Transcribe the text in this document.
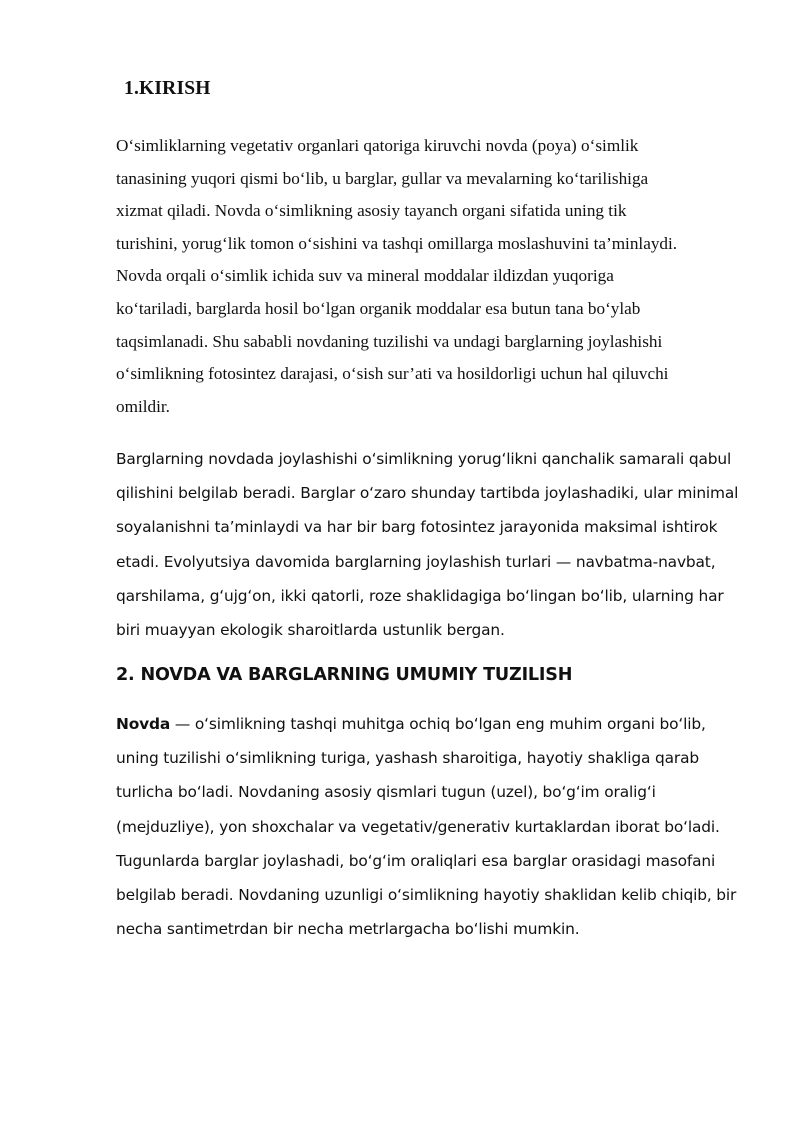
1.KIRISH

O‘simliklarning vegetativ organlari qatoriga kiruvchi novda (poya) o‘simlik
tanasining yuqori qismi bo‘lib, u barglar, gullar va mevalarning ko‘tarilishiga
xizmat qiladi. Novda o‘simlikning asosiy tayanch organi sifatida uning tik
turishini, yorug‘lik tomon o‘sishini va tashqi omillarga moslashuvini ta’minlaydi.
Novda orqali o‘simlik ichida suv va mineral moddalar ildizdan yuqoriga
ko‘tariladi, barglarda hosil bo‘lgan organik moddalar esa butun tana bo‘ylab
taqsimlanadi. Shu sababli novdaning tuzilishi va undagi barglarning joylashishi
o‘simlikning fotosintez darajasi, o‘sish sur’ati va hosildorligi uchun hal qiluvchi
omildir.

Barglarning novdada joylashishi oʻsimlikning yorugʻlikni qanchalik samarali qabul
qilishini belgilab beradi. Barglar oʻzaro shunday tartibda joylashadiki, ular minimal
soyalanishni taʼminlaydi va har bir barg fotosintez jarayonida maksimal ishtirok
etadi. Evolyutsiya davomida barglarning joylashish turlari — navbatma-navbat,
qarshilama, gʻujgʻon, ikki qatorli, roze shaklidagiga boʻlingan boʻlib, ularning har
biri muayyan ekologik sharoitlarda ustunlik bergan.

2. NOVDA VA BARGLARNING UMUMIY TUZILISH

Novda — oʻsimlikning tashqi muhitga ochiq boʻlgan eng muhim organi boʻlib,
uning tuzilishi oʻsimlikning turiga, yashash sharoitiga, hayotiy shakliga qarab
turlicha boʻladi. Novdaning asosiy qismlari tugun (uzel), boʻgʻim oraligʻi
(mejduzliye), yon shoxchalar va vegetativ/generativ kurtaklardan iborat boʻladi.
Tugunlarda barglar joylashadi, boʻgʻim oraliqlari esa barglar orasidagi masofani
belgilab beradi. Novdaning uzunligi oʻsimlikning hayotiy shaklidan kelib chiqib, bir
necha santimetrdan bir necha metrlargacha boʻlishi mumkin.
